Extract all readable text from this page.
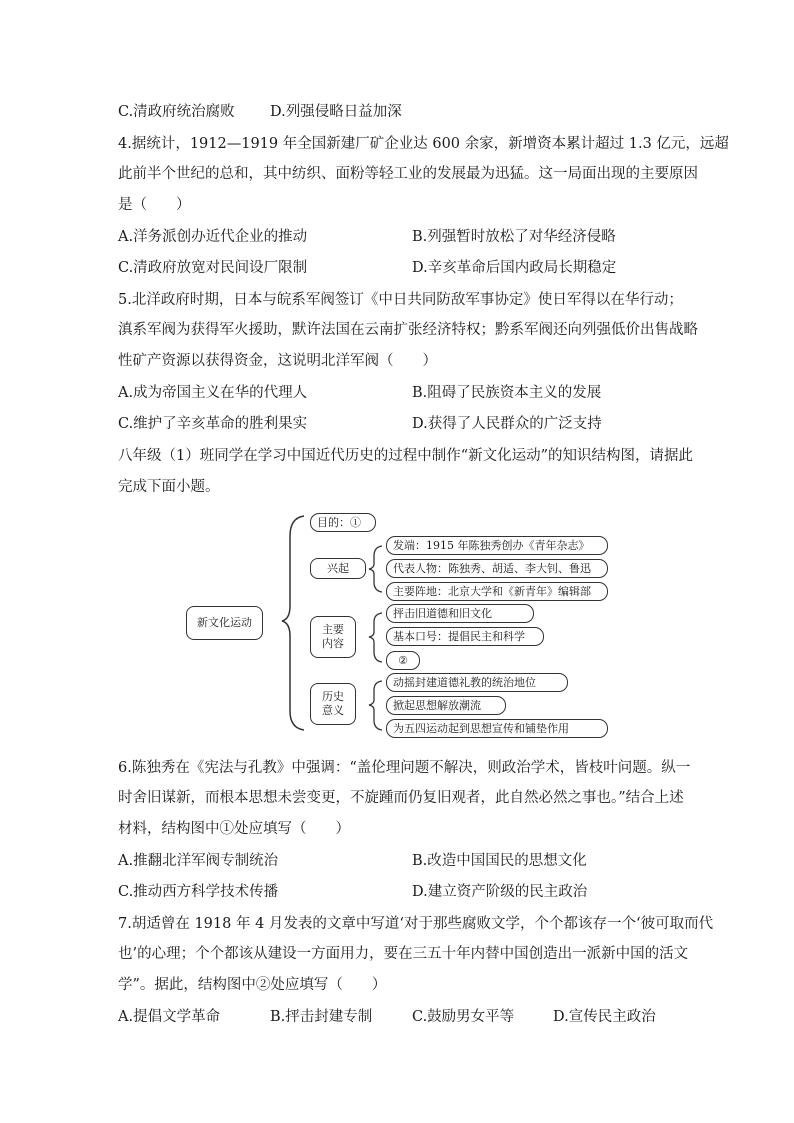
C.清政府统治腐败 D.列强侵略日益加深
4.据统计，1912—1919 年全国新建厂矿企业达 600 余家，新增资本累计超过 1.3 亿元，远超
此前半个世纪的总和，其中纺织、面粉等轻工业的发展最为迅猛。这一局面出现的主要原因
是（　　）
A.洋务派创办近代企业的推动	B.列强暂时放松了对华经济侵略
C.清政府放宽对民间设厂限制	D.辛亥革命后国内政局长期稳定
5.北洋政府时期，日本与皖系军阀签订《中日共同防敌军事协定》使日军得以在华行动；
滇系军阀为获得军火援助，默许法国在云南扩张经济特权；黔系军阀还向列强低价出售战略
性矿产资源以获得资金，这说明北洋军阀（　　）
A.成为帝国主义在华的代理人	B.阻碍了民族资本主义的发展
C.维护了辛亥革命的胜利果实	D.获得了人民群众的广泛支持
八年级（1）班同学在学习中国近代历史的过程中制作“新文化运动”的知识结构图，请据此
完成下面小题。
新文化运动
目的：①
兴起
发端：1915 年陈独秀创办《青年杂志》
代表人物：陈独秀、胡适、李大钊、鲁迅
主要阵地：北京大学和《新青年》编辑部
主要
内容
抨击旧道德和旧文化
基本口号：提倡民主和科学
②
历史
意义
动摇封建道德礼教的统治地位
掀起思想解放潮流
为五四运动起到思想宣传和铺垫作用
6.陈独秀在《宪法与孔教》中强调：“盖伦理问题不解决，则政治学术，皆枝叶问题。纵一
时舍旧谋新，而根本思想未尝变更，不旋踵而仍复旧观者，此自然必然之事也。”结合上述
材料，结构图中①处应填写（　　）
A.推翻北洋军阀专制统治	B.改造中国国民的思想文化
C.推动西方科学技术传播	D.建立资产阶级的民主政治
7.胡适曾在 1918 年 4 月发表的文章中写道‘对于那些腐败文学，个个都该存一个‘彼可取而代
也’的心理；个个都该从建设一方面用力，要在三五十年内替中国创造出一派新中国的活文
学”。据此，结构图中②处应填写（　　）
A.提倡文学革命	B.抨击封建专制	C.鼓励男女平等	D.宣传民主政治
